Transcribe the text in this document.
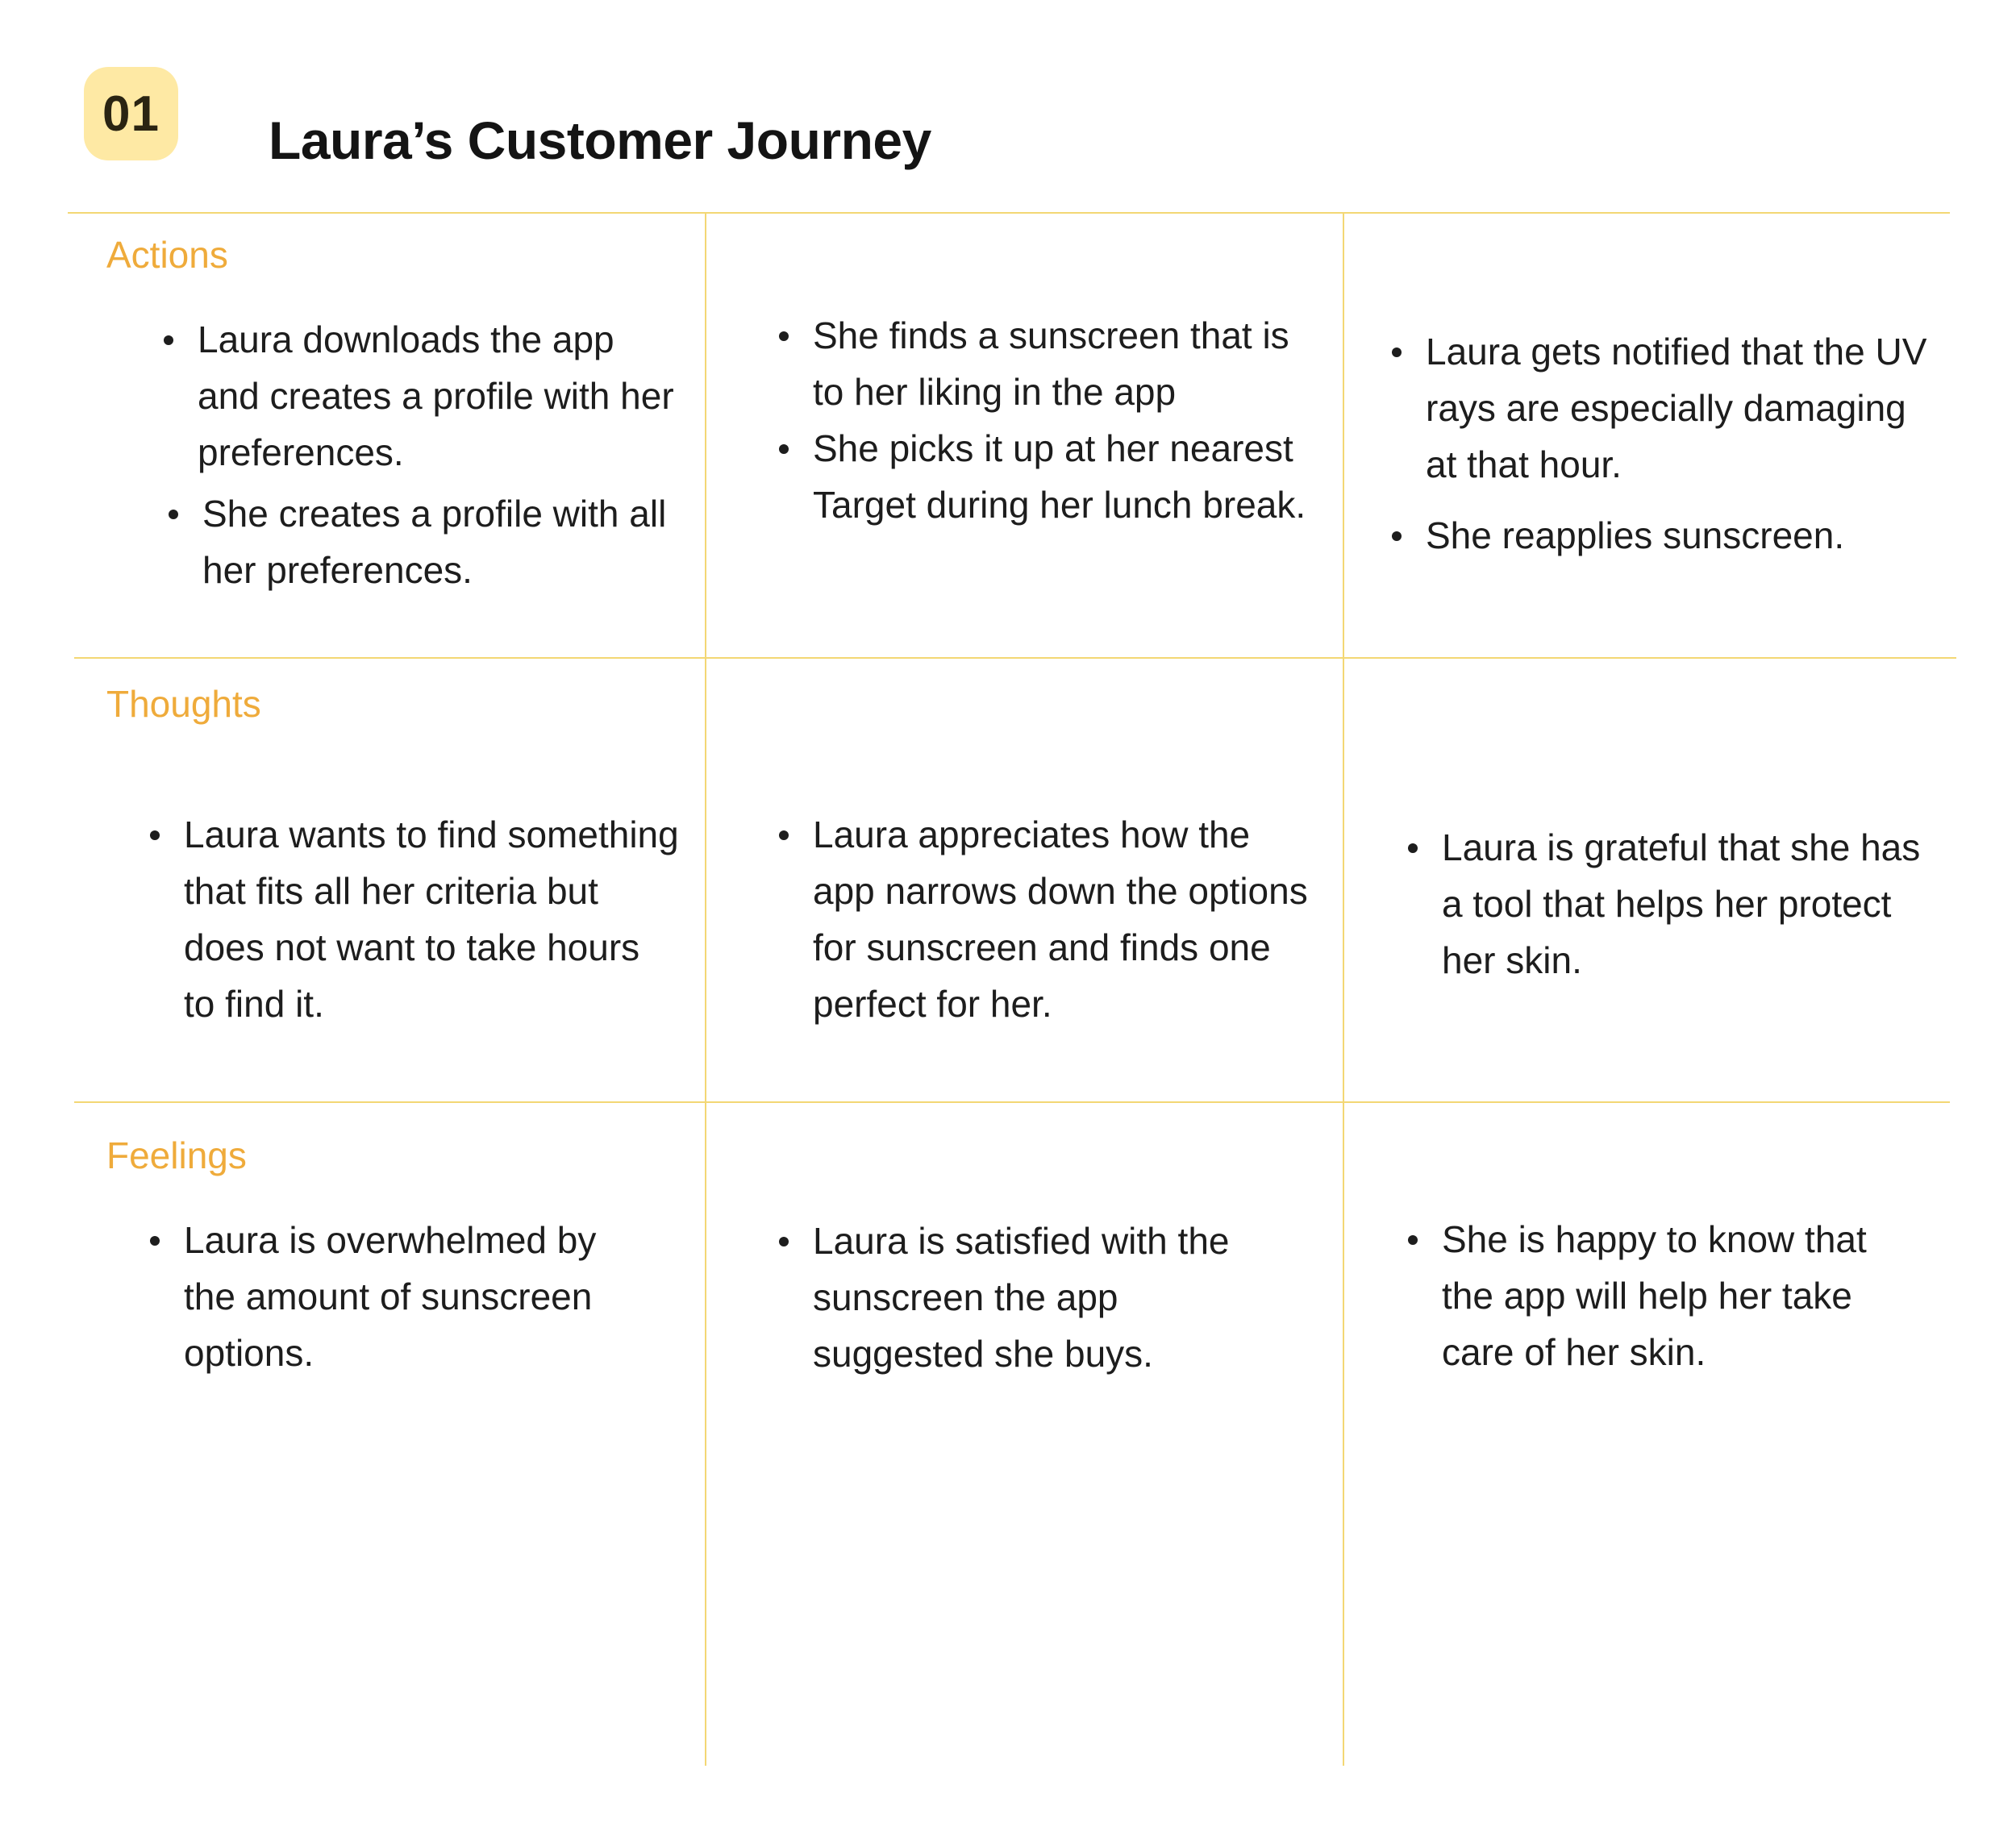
01 Laura’s Customer Journey
Actions
Thoughts
Feelings
Laura downloads the app and creates a profile with her preferences.
She creates a profile with all her preferences.
She finds a sunscreen that is to her liking in the app
She picks it up at her nearest Target during her lunch break.
Laura gets notified that the UV rays are especially damaging at that hour.
She reapplies sunscreen.
Laura wants to find something that fits all her criteria but does not want to take hours to find it.
Laura appreciates how the app narrows down the options for sunscreen and finds one perfect for her.
Laura is grateful that she has a tool that helps her protect her skin.
Laura is overwhelmed by the amount of sunscreen options.
Laura is satisfied with the sunscreen the app suggested she buys.
She is happy to know that the app will help her take care of her skin.
